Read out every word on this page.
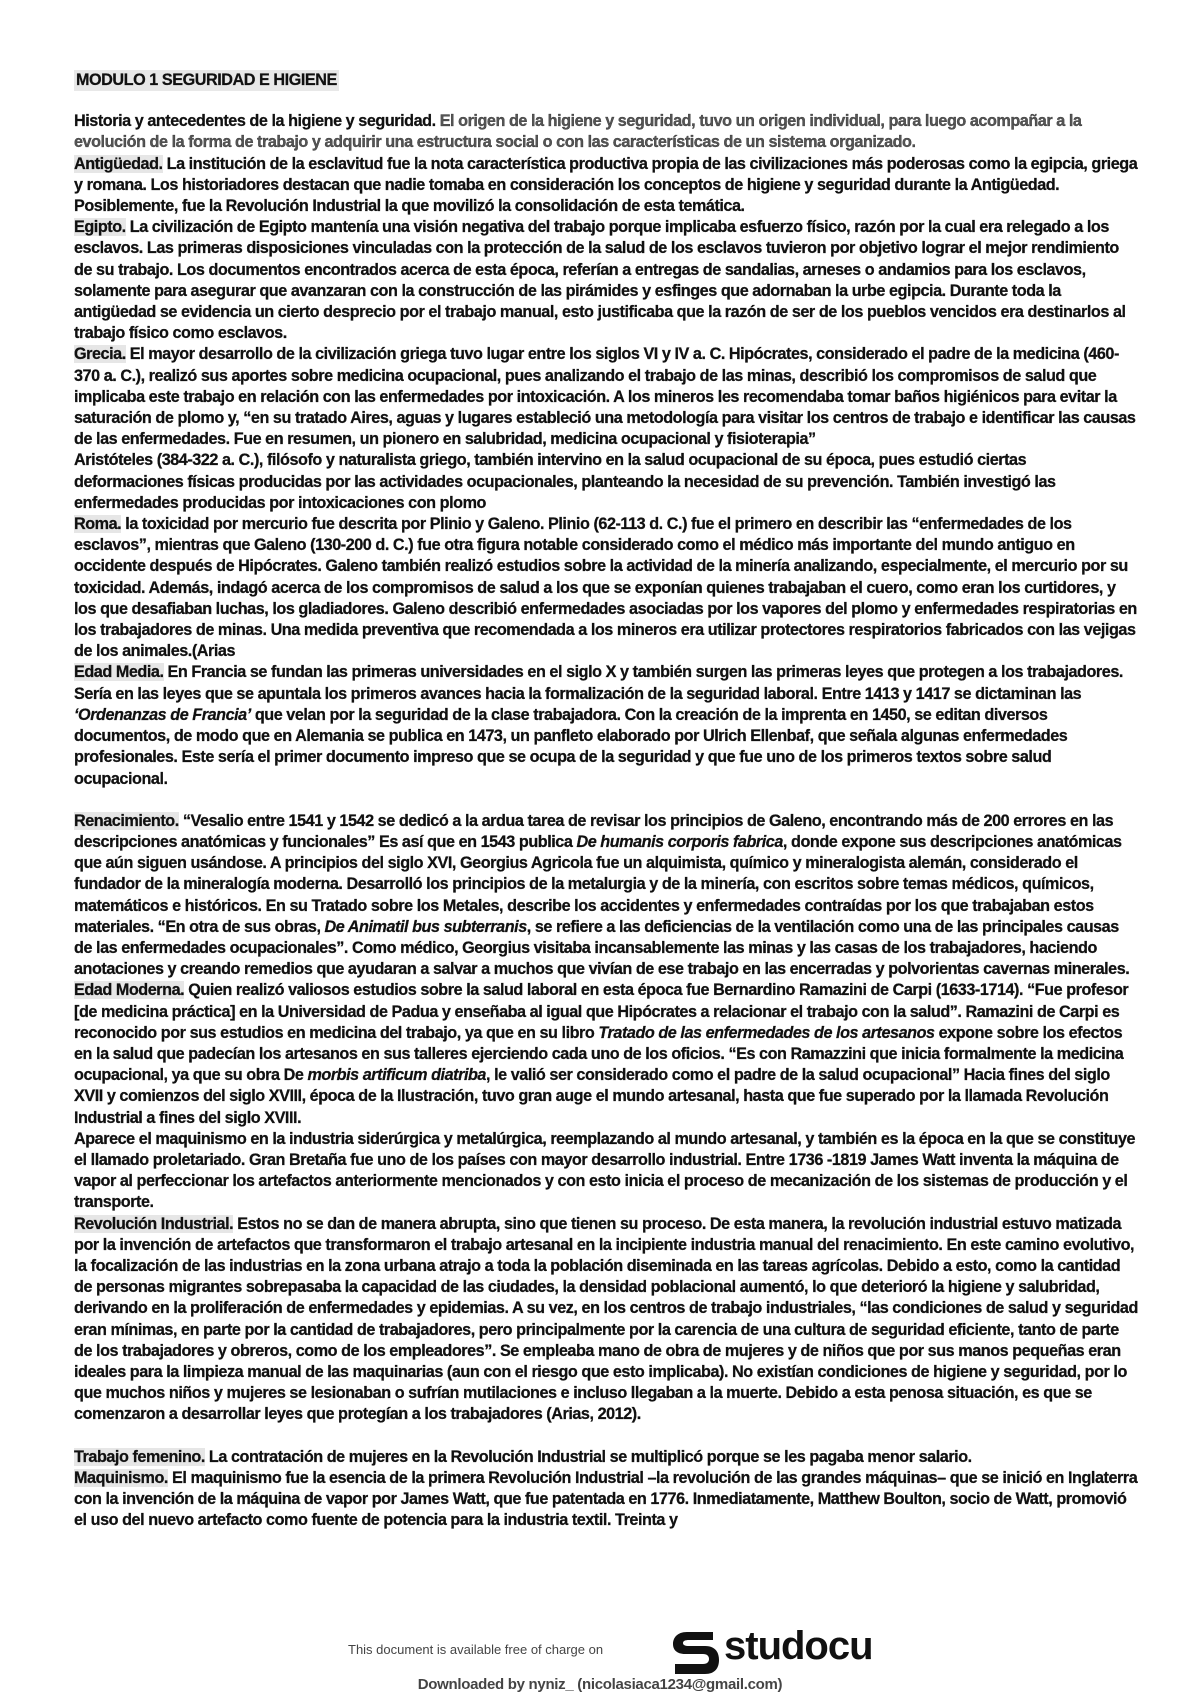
MODULO 1 SEGURIDAD E HIGIENE

Historia y antecedentes de la higiene y seguridad. El origen de la higiene y seguridad, tuvo un origen individual, para luego acompañar a la evolución de la forma de trabajo y adquirir una estructura social o con las características de un sistema organizado.

Antigüedad. La institución de la esclavitud fue la nota característica productiva propia de las civilizaciones más poderosas como la egipcia, griega y romana. Los historiadores destacan que nadie tomaba en consideración los conceptos de higiene y seguridad durante la Antigüedad. Posiblemente, fue la Revolución Industrial la que movilizó la consolidación de esta temática.

Egipto. La civilización de Egipto mantenía una visión negativa del trabajo porque implicaba esfuerzo físico, razón por la cual era relegado a los esclavos. Las primeras disposiciones vinculadas con la protección de la salud de los esclavos tuvieron por objetivo lograr el mejor rendimiento de su trabajo. Los documentos encontrados acerca de esta época, referían a entregas de sandalias, arneses o andamios para los esclavos, solamente para asegurar que avanzaran con la construcción de las pirámides y esfinges que adornaban la urbe egipcia. Durante toda la antigüedad se evidencia un cierto desprecio por el trabajo manual, esto justificaba que la razón de ser de los pueblos vencidos era destinarlos al trabajo físico como esclavos.

Grecia. El mayor desarrollo de la civilización griega tuvo lugar entre los siglos VI y IV a. C. Hipócrates, considerado el padre de la medicina (460-370 a. C.), realizó sus aportes sobre medicina ocupacional, pues analizando el trabajo de las minas, describió los compromisos de salud que implicaba este trabajo en relación con las enfermedades por intoxicación. A los mineros les recomendaba tomar baños higiénicos para evitar la saturación de plomo y, “en su tratado Aires, aguas y lugares estableció una metodología para visitar los centros de trabajo e identificar las causas de las enfermedades. Fue en resumen, un pionero en salubridad, medicina ocupacional y fisioterapia”

Aristóteles (384-322 a. C.), filósofo y naturalista griego, también intervino en la salud ocupacional de su época, pues estudió ciertas deformaciones físicas producidas por las actividades ocupacionales, planteando la necesidad de su prevención. También investigó las enfermedades producidas por intoxicaciones con plomo

Roma. la toxicidad por mercurio fue descrita por Plinio y Galeno. Plinio (62-113 d. C.) fue el primero en describir las “enfermedades de los esclavos”, mientras que Galeno (130-200 d. C.) fue otra figura notable considerado como el médico más importante del mundo antiguo en occidente después de Hipócrates. Galeno también realizó estudios sobre la actividad de la minería analizando, especialmente, el mercurio por su toxicidad. Además, indagó acerca de los compromisos de salud a los que se exponían quienes trabajaban el cuero, como eran los curtidores, y los que desafiaban luchas, los gladiadores. Galeno describió enfermedades asociadas por los vapores del plomo y enfermedades respiratorias en los trabajadores de minas. Una medida preventiva que recomendada a los mineros era utilizar protectores respiratorios fabricados con las vejigas de los animales.(Arias

Edad Media. En Francia se fundan las primeras universidades en el siglo X y también surgen las primeras leyes que protegen a los trabajadores. Sería en las leyes que se apuntala los primeros avances hacia la formalización de la seguridad laboral. Entre 1413 y 1417 se dictaminan las ‘Ordenanzas de Francia’ que velan por la seguridad de la clase trabajadora. Con la creación de la imprenta en 1450, se editan diversos documentos, de modo que en Alemania se publica en 1473, un panfleto elaborado por Ulrich Ellenbaf, que señala algunas enfermedades profesionales. Este sería el primer documento impreso que se ocupa de la seguridad y que fue uno de los primeros textos sobre salud ocupacional.

Renacimiento. “Vesalio entre 1541 y 1542 se dedicó a la ardua tarea de revisar los principios de Galeno, encontrando más de 200 errores en las descripciones anatómicas y funcionales” Es así que en 1543 publica De humanis corporis fabrica, donde expone sus descripciones anatómicas que aún siguen usándose. A principios del siglo XVI, Georgius Agricola fue un alquimista, químico y mineralogista alemán, considerado el fundador de la mineralogía moderna. Desarrolló los principios de la metalurgia y de la minería, con escritos sobre temas médicos, químicos, matemáticos e históricos. En su Tratado sobre los Metales, describe los accidentes y enfermedades contraídas por los que trabajaban estos materiales. “En otra de sus obras, De Animatil bus subterranis, se refiere a las deficiencias de la ventilación como una de las principales causas de las enfermedades ocupacionales”. Como médico, Georgius visitaba incansablemente las minas y las casas de los trabajadores, haciendo anotaciones y creando remedios que ayudaran a salvar a muchos que vivían de ese trabajo en las encerradas y polvorientas cavernas minerales.

Edad Moderna. Quien realizó valiosos estudios sobre la salud laboral en esta época fue Bernardino Ramazini de Carpi (1633-1714). “Fue profesor [de medicina práctica] en la Universidad de Padua y enseñaba al igual que Hipócrates a relacionar el trabajo con la salud”. Ramazini de Carpi es reconocido por sus estudios en medicina del trabajo, ya que en su libro Tratado de las enfermedades de los artesanos expone sobre los efectos en la salud que padecían los artesanos en sus talleres ejerciendo cada uno de los oficios. “Es con Ramazzini que inicia formalmente la medicina ocupacional, ya que su obra De morbis artificum diatriba, le valió ser considerado como el padre de la salud ocupacional” Hacia fines del siglo XVII y comienzos del siglo XVIII, época de la Ilustración, tuvo gran auge el mundo artesanal, hasta que fue superado por la llamada Revolución Industrial a fines del siglo XVIII.

Aparece el maquinismo en la industria siderúrgica y metalúrgica, reemplazando al mundo artesanal, y también es la época en la que se constituye el llamado proletariado. Gran Bretaña fue uno de los países con mayor desarrollo industrial. Entre 1736 -1819 James Watt inventa la máquina de vapor al perfeccionar los artefactos anteriormente mencionados y con esto inicia el proceso de mecanización de los sistemas de producción y el transporte.

Revolución Industrial. Estos no se dan de manera abrupta, sino que tienen su proceso. De esta manera, la revolución industrial estuvo matizada por la invención de artefactos que transformaron el trabajo artesanal en la incipiente industria manual del renacimiento. En este camino evolutivo, la focalización de las industrias en la zona urbana atrajo a toda la población diseminada en las tareas agrícolas. Debido a esto, como la cantidad de personas migrantes sobrepasaba la capacidad de las ciudades, la densidad poblacional aumentó, lo que deterioró la higiene y salubridad, derivando en la proliferación de enfermedades y epidemias. A su vez, en los centros de trabajo industriales, “las condiciones de salud y seguridad eran mínimas, en parte por la cantidad de trabajadores, pero principalmente por la carencia de una cultura de seguridad eficiente, tanto de parte de los trabajadores y obreros, como de los empleadores”. Se empleaba mano de obra de mujeres y de niños que por sus manos pequeñas eran ideales para la limpieza manual de las maquinarias (aun con el riesgo que esto implicaba). No existían condiciones de higiene y seguridad, por lo que muchos niños y mujeres se lesionaban o sufrían mutilaciones e incluso llegaban a la muerte. Debido a esta penosa situación, es que se comenzaron a desarrollar leyes que protegían a los trabajadores (Arias, 2012).

Trabajo femenino. La contratación de mujeres en la Revolución Industrial se multiplicó porque se les pagaba menor salario.

Maquinismo. El maquinismo fue la esencia de la primera Revolución Industrial –la revolución de las grandes máquinas– que se inició en Inglaterra con la invención de la máquina de vapor por James Watt, que fue patentada en 1776. Inmediatamente, Matthew Boulton, socio de Watt, promovió el uso del nuevo artefacto como fuente de potencia para la industria textil. Treinta y

This document is available free of charge on	studocu
Downloaded by nyniz_ (nicolasiaca1234@gmail.com)
